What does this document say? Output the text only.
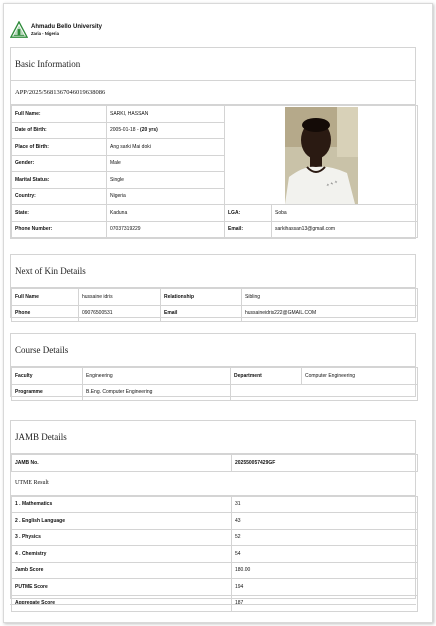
Ahmadu Bello University
Zaria - Nigeria
Basic Information
APP/2025/5681367046019638086
Full Name:	SARKI, HASSAN	+ + +	

Date of Birth:	2005-01-18 - (20 yrs)		
Place of Birth:	Ang sarki Mai doki		
Gender:	Male		
Marital Status:	Single		
Country:	Nigeria		
State:	Kaduna	LGA:	Soba
Phone Number:	07037319229	Email:	sarkihassan13@gmail.com
Next of Kin Details
Full Name	hussaine idris	Relationship	Sibling
Phone	09076500531	Email	hussaineidris222@GMAIL.COM
Course Details
Faculty	Engineering	Department	Computer Engineering
Programme	B.Eng. Computer Engineering		
JAMB Details
JAMB No.	202550057429GF
UTME Result
1 . Mathematics	31
2 . English Language	43
3 . Physics	52
4 . Chemistry	54
Jamb Score	180.00
PUTME Score	194
Aggregate Score	187
